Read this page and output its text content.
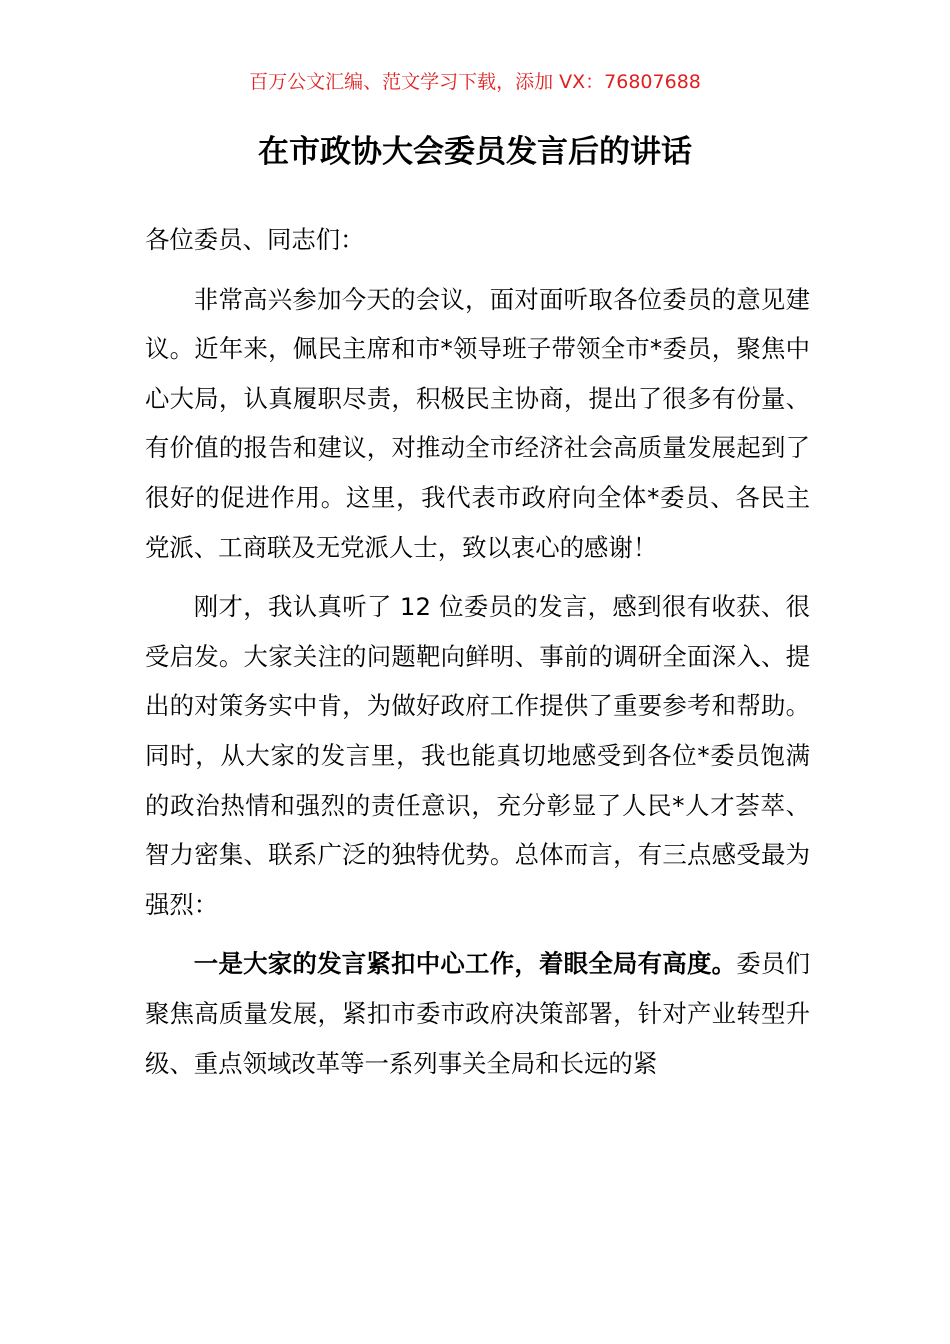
百万公文汇编、范文学习下载，添加 VX：76807688
在市政协大会委员发言后的讲话

各位委员、同志们：

非常高兴参加今天的会议，面对面听取各位委员的意见建议。近年来，佩民主席和市*领导班子带领全市*委员，聚焦中心大局，认真履职尽责，积极民主协商，提出了很多有份量、有价值的报告和建议，对推动全市经济社会高质量发展起到了很好的促进作用。这里，我代表市政府向全体*委员、各民主党派、工商联及无党派人士，致以衷心的感谢！

刚才，我认真听了 12 位委员的发言，感到很有收获、很受启发。大家关注的问题靶向鲜明、事前的调研全面深入、提出的对策务实中肯，为做好政府工作提供了重要参考和帮助。同时，从大家的发言里，我也能真切地感受到各位*委员饱满的政治热情和强烈的责任意识，充分彰显了人民*人才荟萃、智力密集、联系广泛的独特优势。总体而言，有三点感受最为强烈：

一是大家的发言紧扣中心工作，着眼全局有高度。委员们聚焦高质量发展，紧扣市委市政府决策部署，针对产业转型升级、重点领域改革等一系列事关全局和长远的紧
